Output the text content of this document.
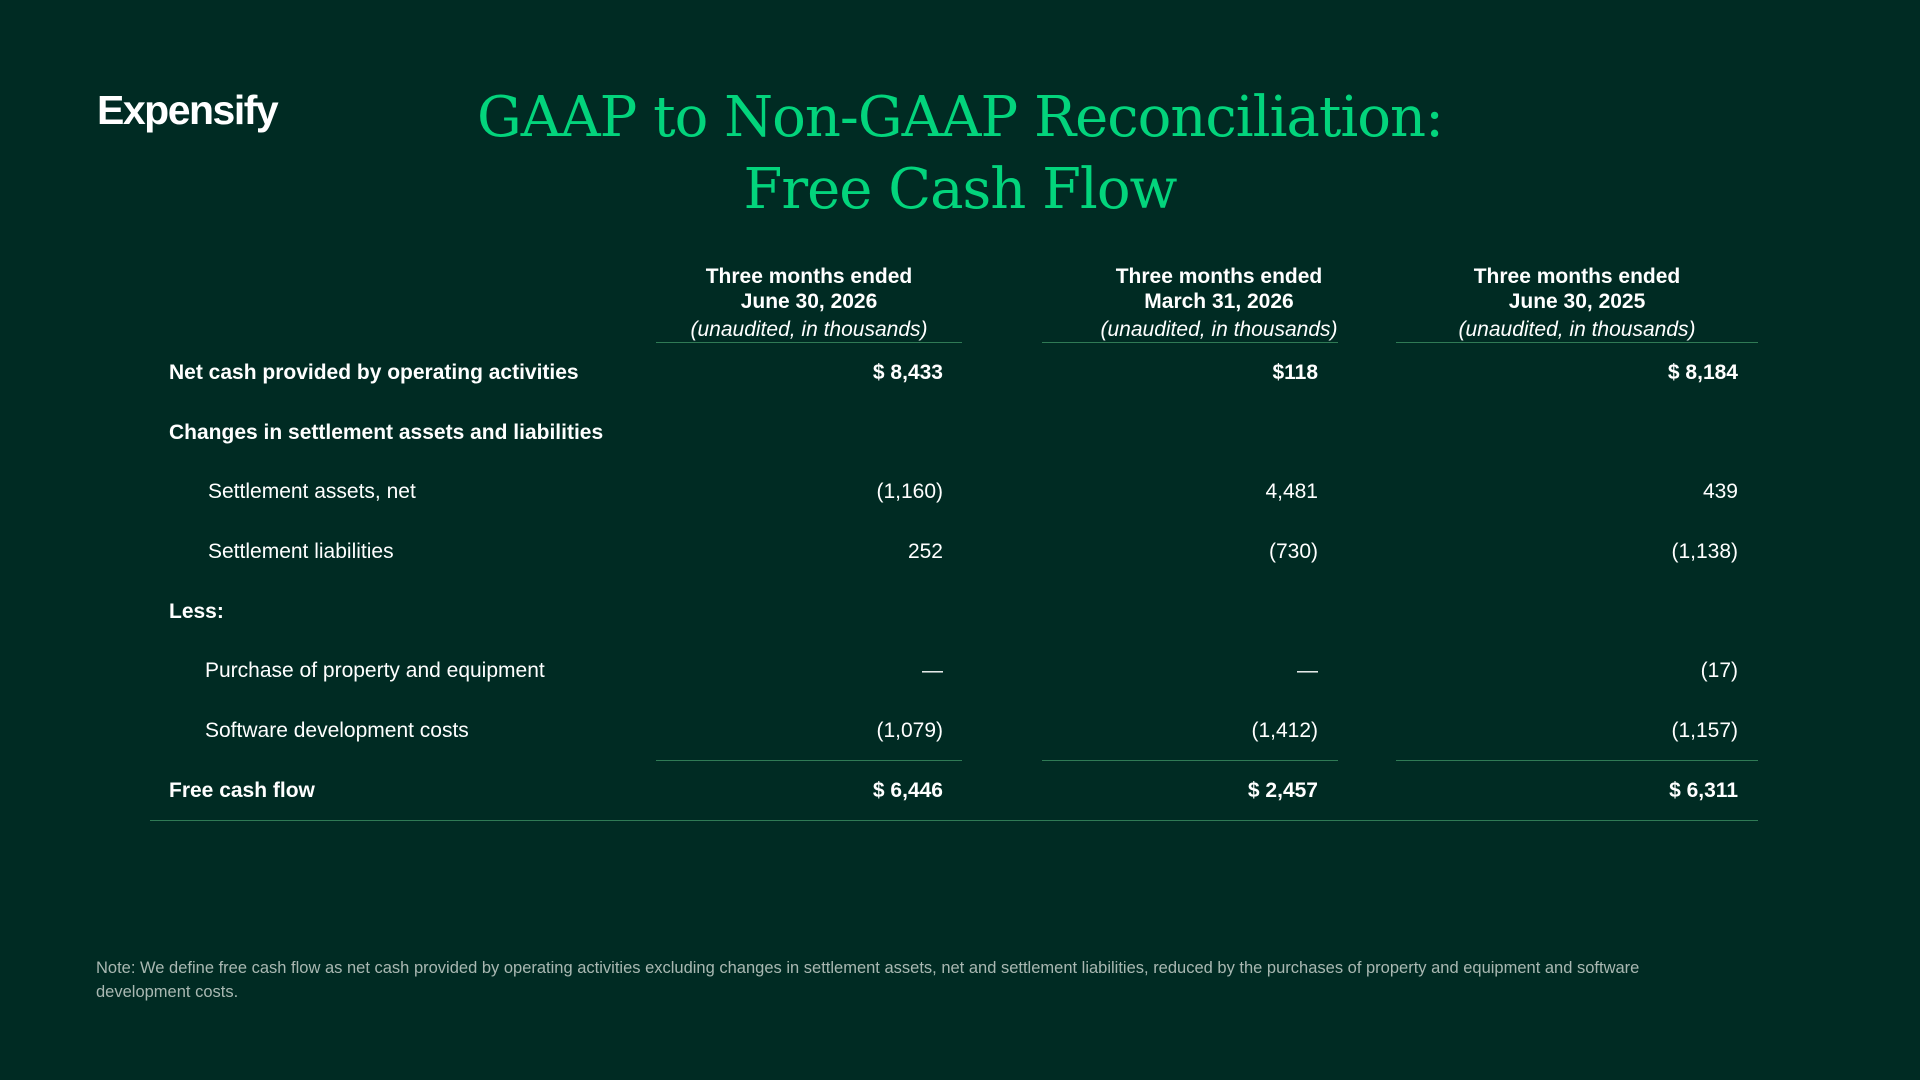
Expensify	GAAP to Non-GAAP Reconciliation:
Free Cash Flow
Three months ended
June 30, 2026
(unaudited, in thousands)
Three months ended
March 31, 2026
(unaudited, in thousands)
Three months ended
June 30, 2025
(unaudited, in thousands)
Net cash provided by operating activities	$ 8,433	$118	$ 8,184
Changes in settlement assets and liabilities
Settlement assets, net	(1,160)	4,481	439
Settlement liabilities	252	(730)	(1,138)
Less:
Purchase of property and equipment	—	—	(17)
Software development costs	(1,079)	(1,412)	(1,157)
Free cash flow	$ 6,446	$ 2,457	$ 6,311
Note: We define free cash flow as net cash provided by operating activities excluding changes in settlement assets, net and settlement liabilities, reduced by the purchases of property and equipment and software development costs.
